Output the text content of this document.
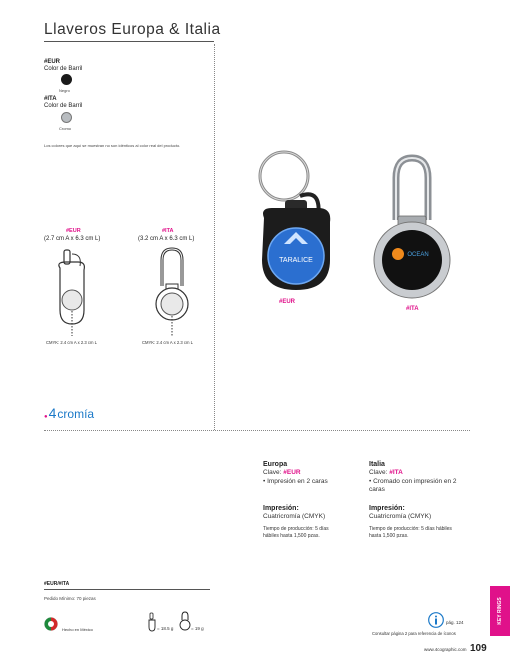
Llaveros Europa & Italia
#EUR
Color de Barril
Negro
#ITA
Color de Barril
Cromo
Los colores que aquí se muestran no son idénticos al color real del producto.
#EUR
(2.7 cm A x 6.3 cm L)
#ITA
(3.2 cm A x 6.3 cm L)
CMYK: 2.4 cm A x 2.3 cm L	CMYK: 2.4 cm A x 2.3 cm L
TARALICE
#EUR
OCEAN
#ITA
● 4 cromía
Europa
Clave: #EUR
• Impresión en 2 caras
Impresión:
Cuatricromía (CMYK)
Tiempo de producción: 5 días hábiles hasta 1,500 pzas.
Italia
Clave: #ITA
• Cromado con impresión en 2 caras
Impresión:
Cuatricromía (CMYK)
Tiempo de producción: 5 días hábiles hasta 1,500 pzas.
#EUR/#ITA
Pedido Mínimo: 70 piezas
Hecho en México	= 18.5 g	= 19 g
pág. 124
Consultar página 2 para referencia de íconos
www.4cographic.com 109
KEY RINGS
